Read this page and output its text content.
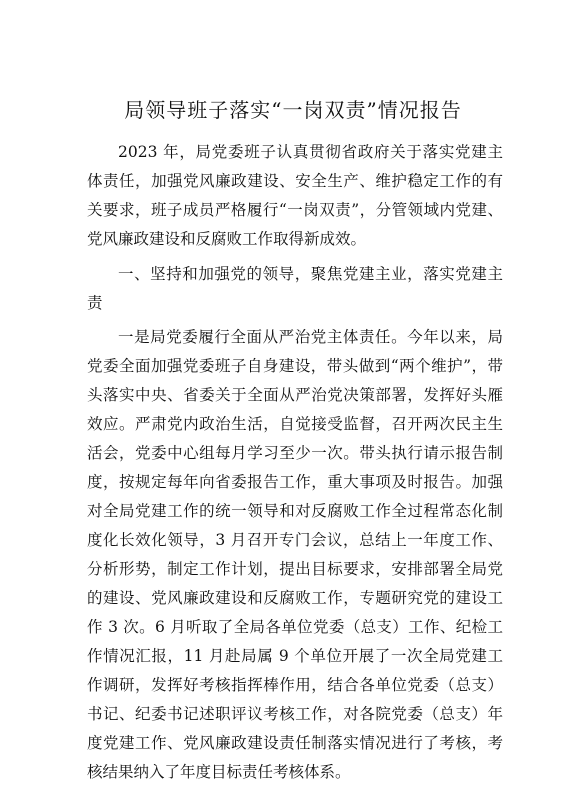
局领导班子落实“一岗双责”情况报告

2023 年，局党委班子认真贯彻省政府关于落实党建主体责任，加强党风廉政建设、安全生产、维护稳定工作的有关要求，班子成员严格履行“一岗双责”，分管领域内党建、党风廉政建设和反腐败工作取得新成效。

一、坚持和加强党的领导，聚焦党建主业，落实党建主责

一是局党委履行全面从严治党主体责任。今年以来，局党委全面加强党委班子自身建设，带头做到“两个维护”，带头落实中央、省委关于全面从严治党决策部署，发挥好头雁效应。严肃党内政治生活，自觉接受监督，召开两次民主生活会，党委中心组每月学习至少一次。带头执行请示报告制度，按规定每年向省委报告工作，重大事项及时报告。加强对全局党建工作的统一领导和对反腐败工作全过程常态化制度化长效化领导，3 月召开专门会议，总结上一年度工作、分析形势，制定工作计划，提出目标要求，安排部署全局党的建设、党风廉政建设和反腐败工作，专题研究党的建设工作 3 次。6 月听取了全局各单位党委（总支）工作、纪检工作情况汇报，11 月赴局属 9 个单位开展了一次全局党建工作调研，发挥好考核指挥棒作用，结合各单位党委（总支）书记、纪委书记述职评议考核工作，对各院党委（总支）年度党建工作、党风廉政建设责任制落实情况进行了考核，考核结果纳入了年度目标责任考核体系。
